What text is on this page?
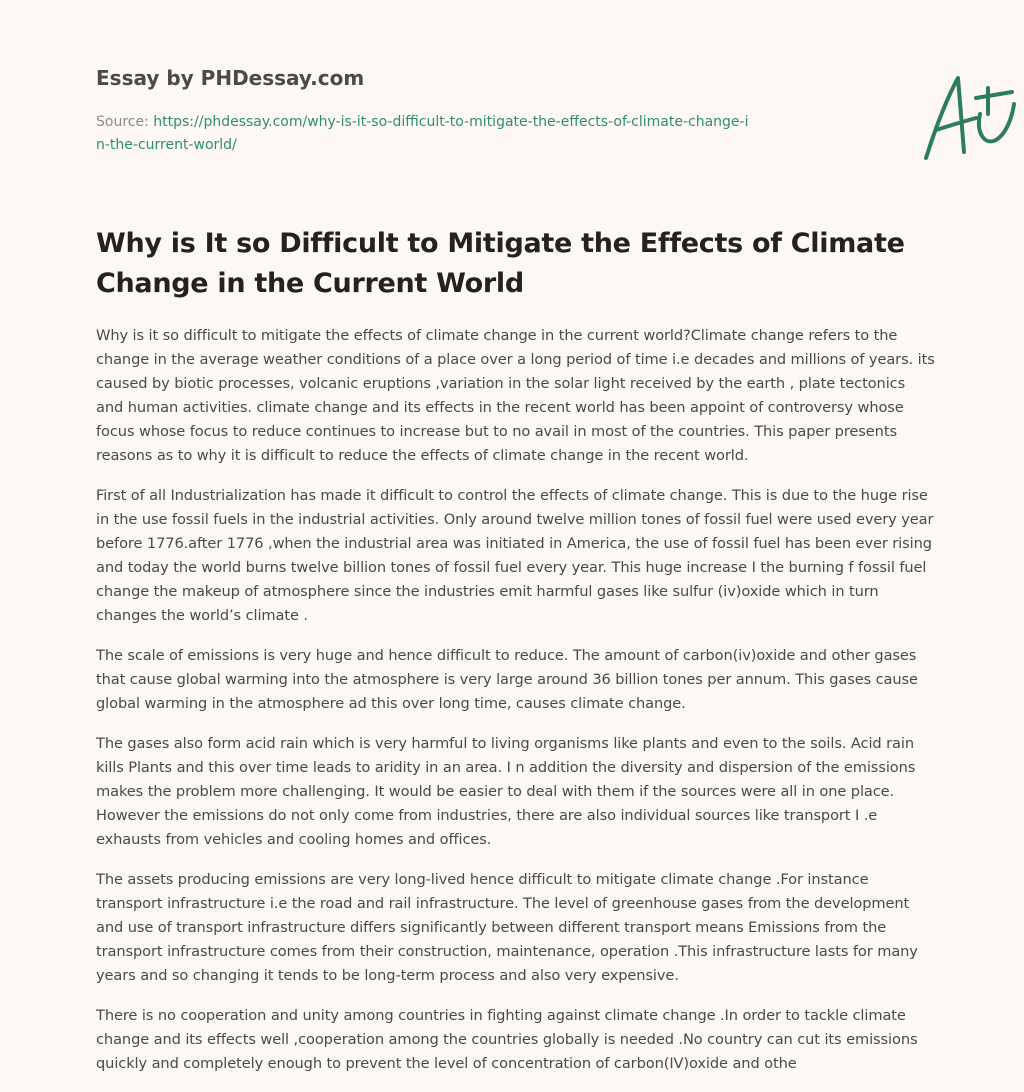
Essay by PHDessay.com
Source: https://phdessay.com/why-is-it-so-difficult-to-mitigate-the-effects-of-climate-change-in-the-current-world/
Why is It so Difficult to Mitigate the Effects of Climate Change in the Current World

Why is it so difficult to mitigate the effects of climate change in the current world?Climate change refers to the change in the average weather conditions of a place over a long period of time i.e decades and millions of years. its caused by biotic processes, volcanic eruptions ,variation in the solar light received by the earth , plate tectonics and human activities. climate change and its effects in the recent world has been appoint of controversy whose focus whose focus to reduce continues to increase but to no avail in most of the countries. This paper presents reasons as to why it is difficult to reduce the effects of climate change in the recent world.

First of all Industrialization has made it difficult to control the effects of climate change. This is due to the huge rise in the use fossil fuels in the industrial activities. Only around twelve million tones of fossil fuel were used every year before 1776.after 1776 ,when the industrial area was initiated in America, the use of fossil fuel has been ever rising and today the world burns twelve billion tones of fossil fuel every year. This huge increase I the burning f fossil fuel change the makeup of atmosphere since the industries emit harmful gases like sulfur (iv)oxide which in turn changes the world’s climate .

The scale of emissions is very huge and hence difficult to reduce. The amount of carbon(iv)oxide and other gases that cause global warming into the atmosphere is very large around 36 billion tones per annum. This gases cause global warming in the atmosphere ad this over long time, causes climate change.

The gases also form acid rain which is very harmful to living organisms like plants and even to the soils. Acid rain kills Plants and this over time leads to aridity in an area. I n addition the diversity and dispersion of the emissions makes the problem more challenging. It would be easier to deal with them if the sources were all in one place. However the emissions do not only come from industries, there are also individual sources like transport I .e exhausts from vehicles and cooling homes and offices.

The assets producing emissions are very long-lived hence difficult to mitigate climate change .For instance transport infrastructure i.e the road and rail infrastructure. The level of greenhouse gases from the development and use of transport infrastructure differs significantly between different transport means Emissions from the transport infrastructure comes from their construction, maintenance, operation .This infrastructure lasts for many years and so changing it tends to be long-term process and also very expensive.

There is no cooperation and unity among countries in fighting against climate change .In order to tackle climate change and its effects well ,cooperation among the countries globally is needed .No country can cut its emissions quickly and completely enough to prevent the level of concentration of carbon(IV)oxide and othe
